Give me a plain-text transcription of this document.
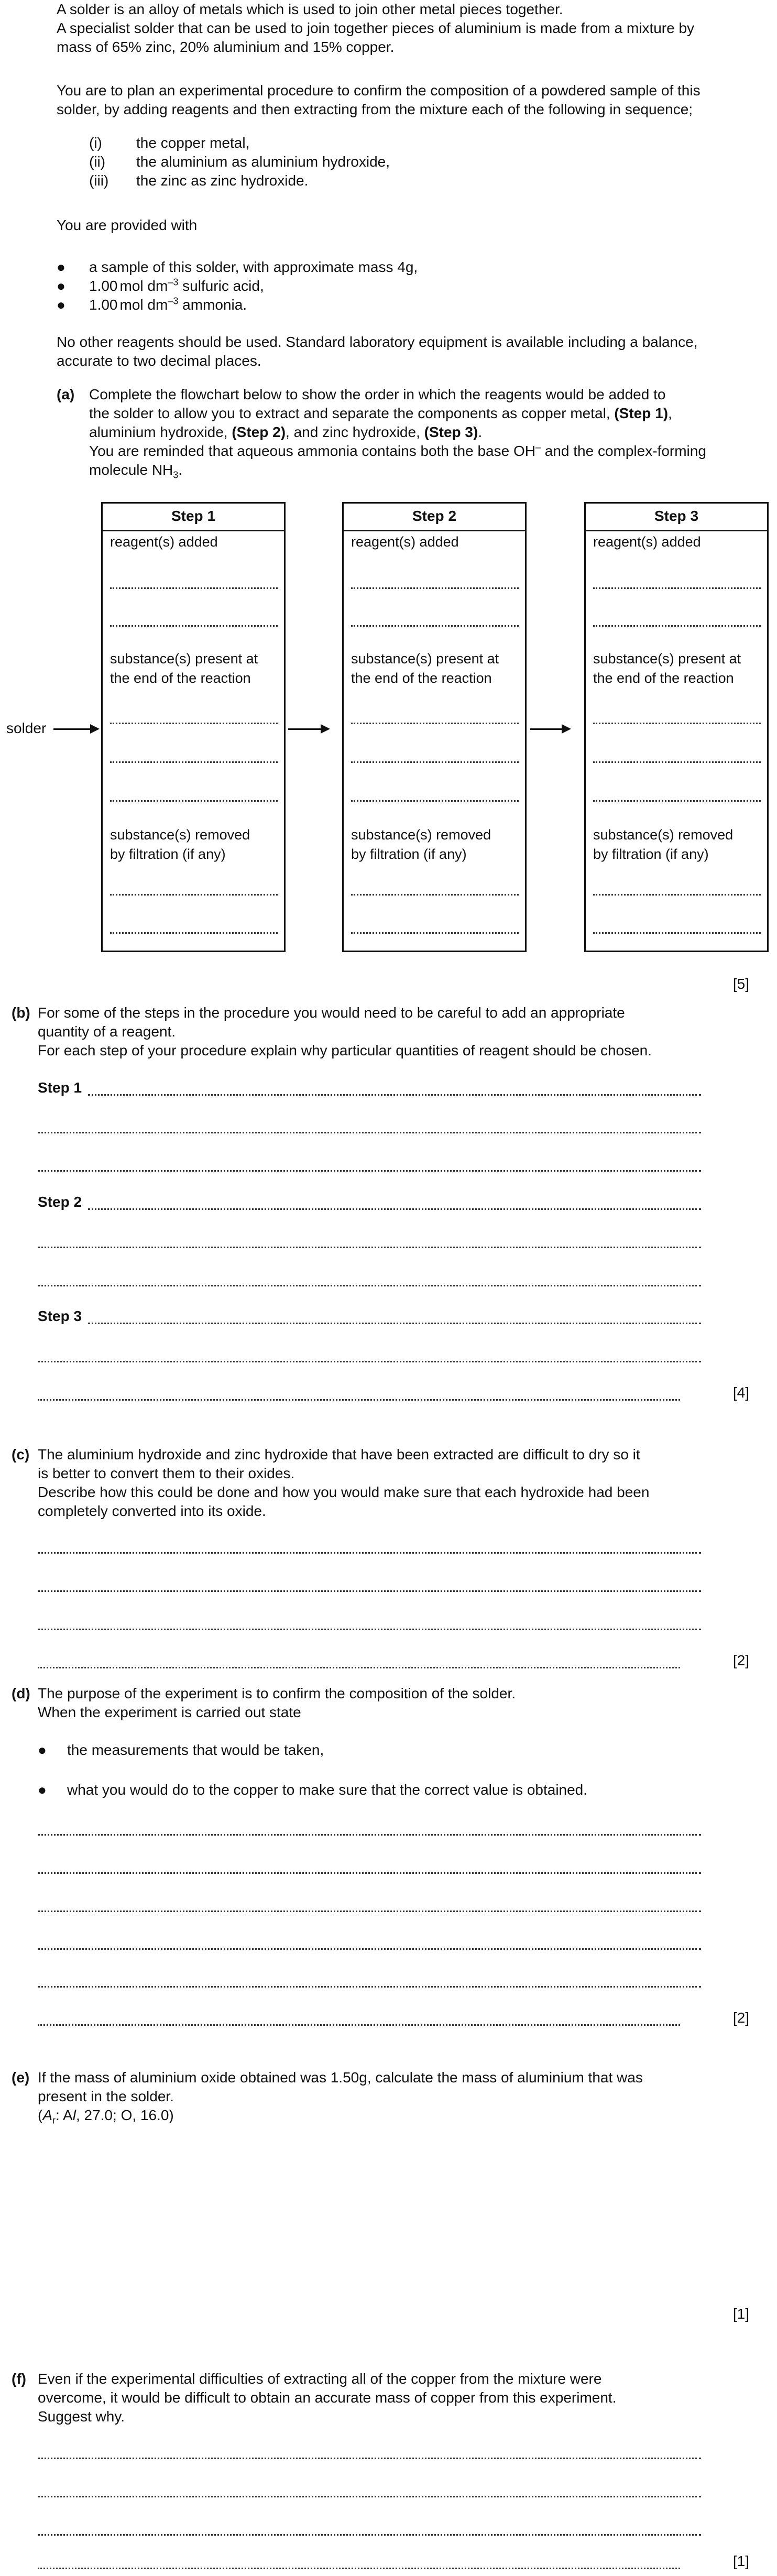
A solder is an alloy of metals which is used to join other metal pieces together.

A specialist solder that can be used to join together pieces of aluminium is made from a mixture by

mass of 65% zinc, 20% aluminium and 15% copper.

You are to plan an experimental procedure to confirm the composition of a powdered sample of this

solder, by adding reagents and then extracting from the mixture each of the following in sequence;

(i)	the copper metal,
(ii)	the aluminium as aluminium hydroxide,
(iii)	the zinc as zinc hydroxide.

You are provided with

●	a sample of this solder, with approximate mass 4g,
●	1.00 mol $dm^{-3}$ sulfuric acid,
●	1.00 mol $dm^{-3}$ ammonia.

No other reagents should be used. Standard laboratory equipment is available including a balance,

accurate to two decimal places.

(a) Complete the flowchart below to show the order in which the reagents would be added to

the solder to allow you to extract and separate the components as copper metal, (Step 1),

aluminium hydroxide, (Step 2), and zinc hydroxide, (Step 3).

You are reminded that aqueous ammonia contains both the base OH– and the complex-forming

molecule $NH_3$.

solder
Step 1
reagent(s) added
substance(s) present at
the end of the reaction
substance(s) removed
by filtration (if any)
Step 2
reagent(s) added
substance(s) present at
the end of the reaction
substance(s) removed
by filtration (if any)
Step 3
reagent(s) added
substance(s) present at
the end of the reaction
substance(s) removed
by filtration (if any)
[5]
(b) For some of the steps in the procedure you would need to be careful to add an appropriate

quantity of a reagent.

For each step of your procedure explain why particular quantities of reagent should be chosen.

Step 1
Step 2
Step 3
[4]
(c) The aluminium hydroxide and zinc hydroxide that have been extracted are difficult to dry so it

is better to convert them to their oxides.

Describe how this could be done and how you would make sure that each hydroxide had been

completely converted into its oxide.

[2]
(d) The purpose of the experiment is to confirm the composition of the solder.

When the experiment is carried out state

●	the measurements that would be taken,
●	what you would do to the copper to make sure that the correct value is obtained.
[2]
(e) If the mass of aluminium oxide obtained was 1.50g, calculate the mass of aluminium that was

present in the solder.

($A_r$: Al, 27.0; O, 16.0)

[1]
(f) Even if the experimental difficulties of extracting all of the copper from the mixture were

overcome, it would be difficult to obtain an accurate mass of copper from this experiment.

Suggest why.

[1]
